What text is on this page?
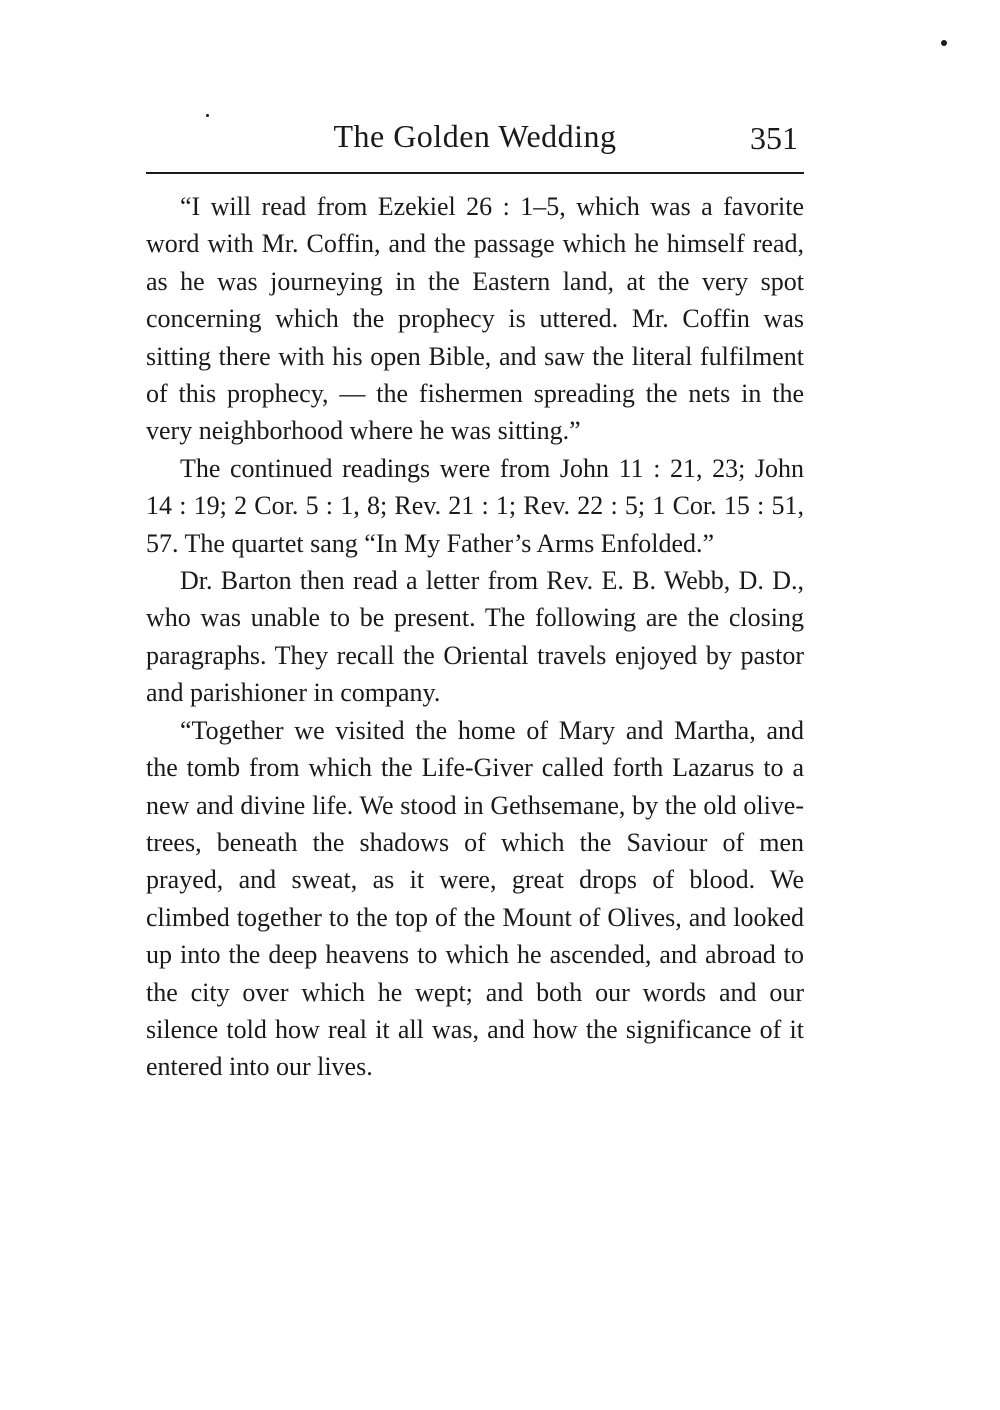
The Golden Wedding	351

“I will read from Ezekiel 26 : 1–5, which was a favorite word with Mr. Coffin, and the passage which he himself read, as he was journeying in the Eastern land, at the very spot concerning which the prophecy is uttered. Mr. Coffin was sitting there with his open Bible, and saw the literal fulfilment of this prophecy, — the fishermen spreading the nets in the very neighborhood where he was sitting.”

The continued readings were from John 11 : 21, 23; John 14 : 19; 2 Cor. 5 : 1, 8; Rev. 21 : 1; Rev. 22 : 5; 1 Cor. 15 : 51, 57. The quartet sang “In My Father’s Arms Enfolded.”

Dr. Barton then read a letter from Rev. E. B. Webb, D. D., who was unable to be present. The following are the closing paragraphs. They recall the Oriental travels enjoyed by pastor and parishioner in company.

“Together we visited the home of Mary and Martha, and the tomb from which the Life-Giver called forth Lazarus to a new and divine life. We stood in Gethsemane, by the old olive-trees, beneath the shadows of which the Saviour of men prayed, and sweat, as it were, great drops of blood. We climbed together to the top of the Mount of Olives, and looked up into the deep heavens to which he ascended, and abroad to the city over which he wept; and both our words and our silence told how real it all was, and how the significance of it entered into our lives.
